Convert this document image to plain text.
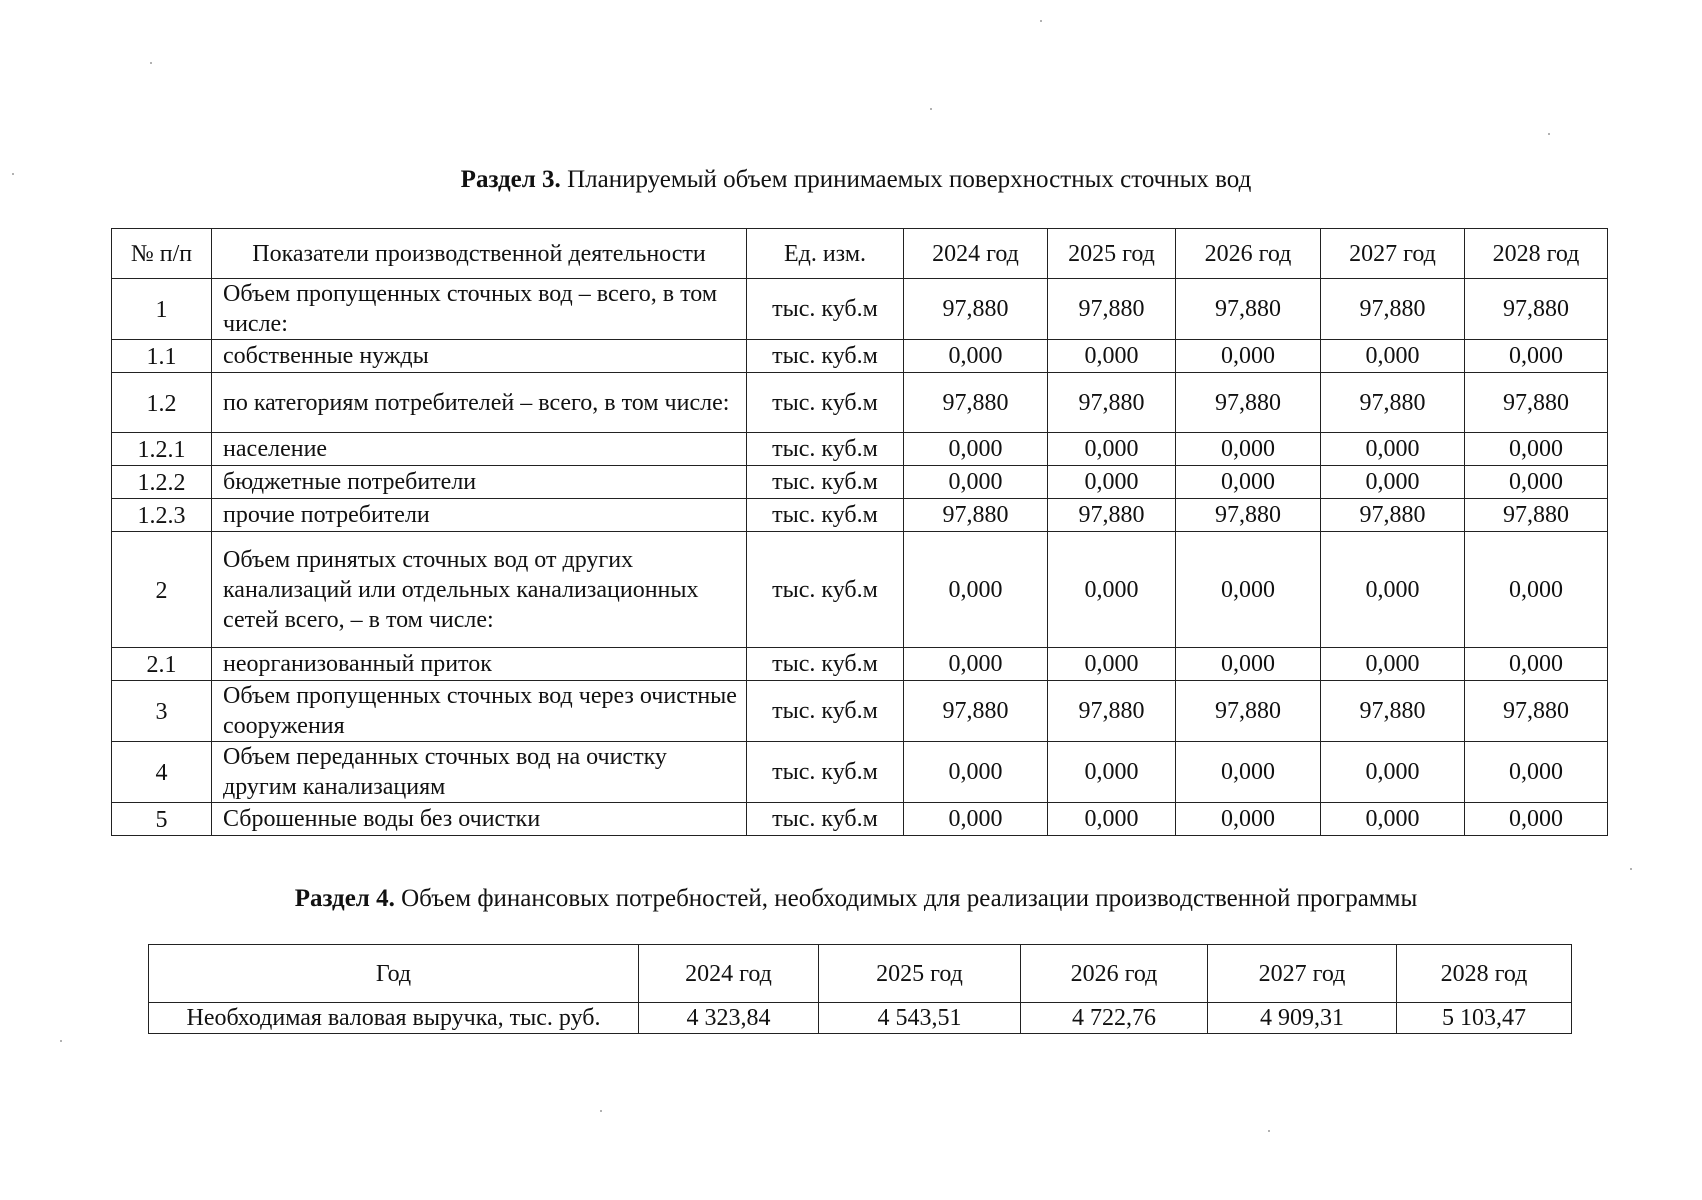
Раздел 3. Планируемый объем принимаемых поверхностных сточных вод
№ п/п	Показатели производственной деятельности	Ед. изм.	2024 год	2025 год	2026 год	2027 год	2028 год
1	Объем пропущенных сточных вод – всего, в том числе:	тыс. куб.м	97,880	97,880	97,880	97,880	97,880
1.1	собственные нужды	тыс. куб.м	0,000	0,000	0,000	0,000	0,000
1.2	по категориям потребителей – всего, в том числе:	тыс. куб.м	97,880	97,880	97,880	97,880	97,880
1.2.1	население	тыс. куб.м	0,000	0,000	0,000	0,000	0,000
1.2.2	бюджетные потребители	тыс. куб.м	0,000	0,000	0,000	0,000	0,000
1.2.3	прочие потребители	тыс. куб.м	97,880	97,880	97,880	97,880	97,880
2	Объем принятых сточных вод от других канализаций или отдельных канализационных сетей всего, – в том числе:	тыс. куб.м	0,000	0,000	0,000	0,000	0,000
2.1	неорганизованный приток	тыс. куб.м	0,000	0,000	0,000	0,000	0,000
3	Объем пропущенных сточных вод через очистные сооружения	тыс. куб.м	97,880	97,880	97,880	97,880	97,880
4	Объем переданных сточных вод на очистку другим канализациям	тыс. куб.м	0,000	0,000	0,000	0,000	0,000
5	Сброшенные воды без очистки	тыс. куб.м	0,000	0,000	0,000	0,000	0,000
Раздел 4. Объем финансовых потребностей, необходимых для реализации производственной программы
Год	2024 год	2025 год	2026 год	2027 год	2028 год
Необходимая валовая выручка, тыс. руб.	4 323,84	4 543,51	4 722,76	4 909,31	5 103,47
